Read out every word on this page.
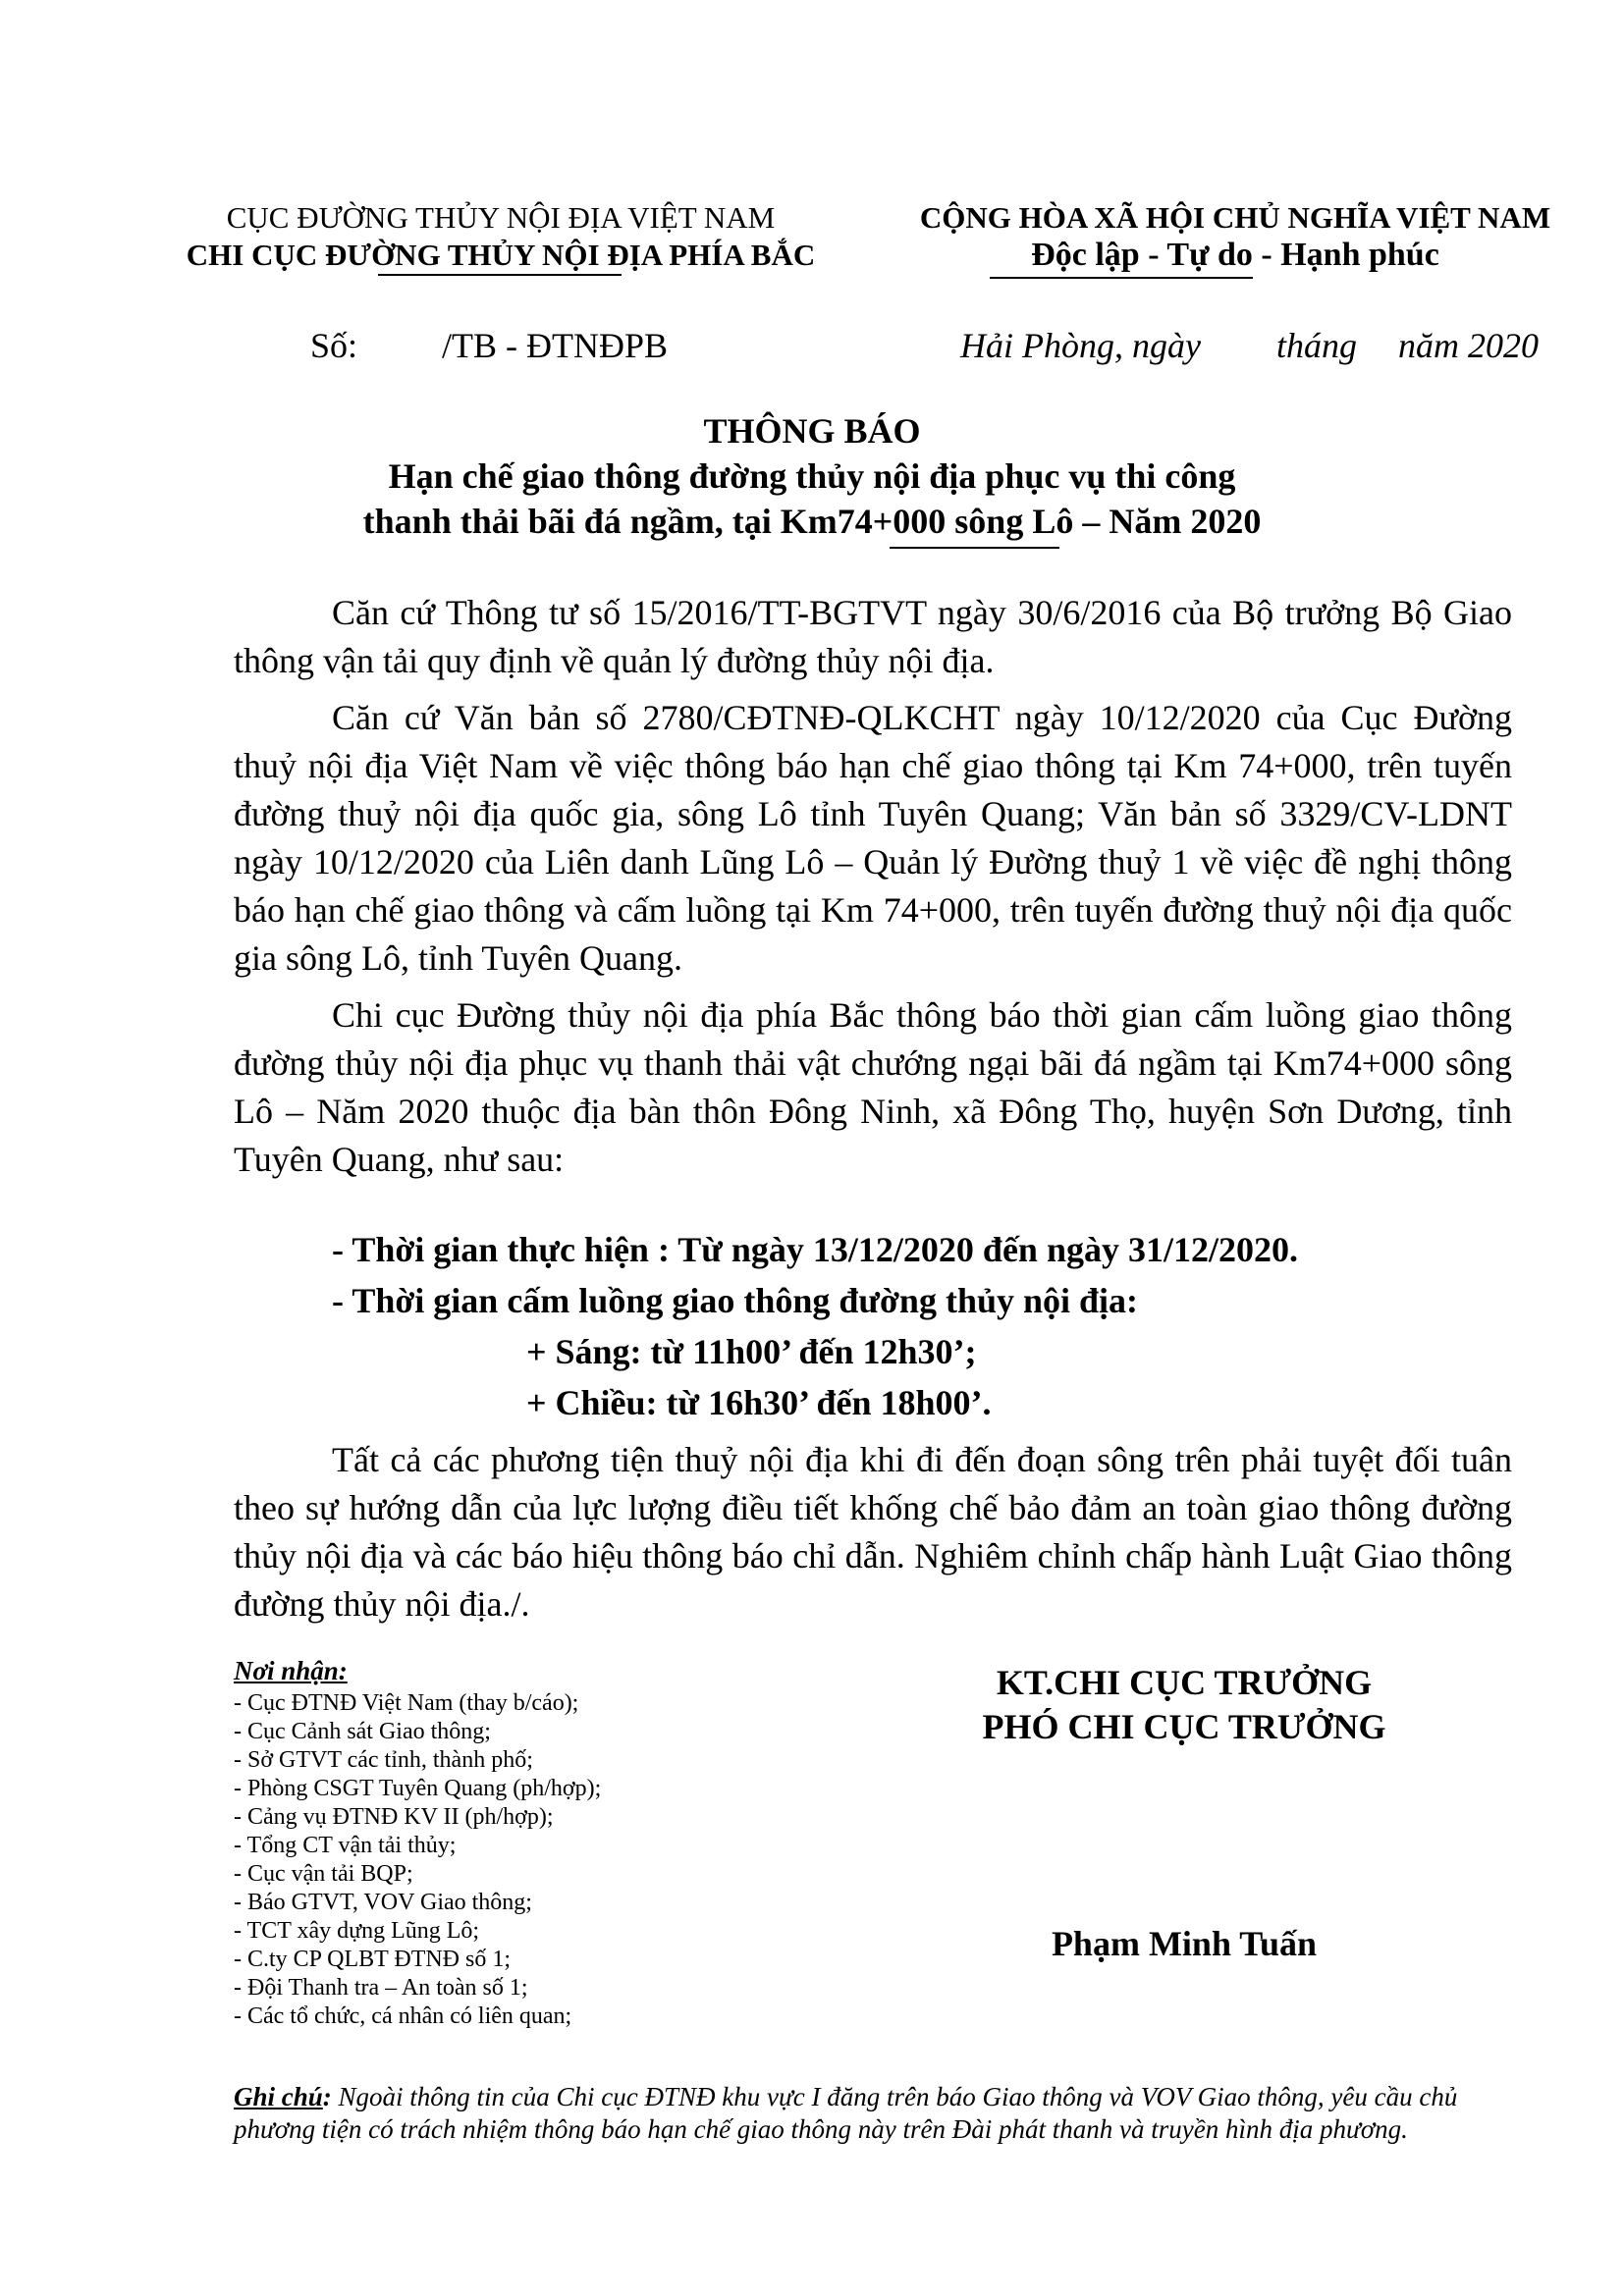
CỤC ĐƯỜNG THỦY NỘI ĐỊA VIỆT NAM
CHI CỤC ĐƯỜNG THỦY NỘI ĐỊA PHÍA BẮC
CỘNG HÒA XÃ HỘI CHỦ NGHĨA VIỆT NAM
Độc lập - Tự do - Hạnh phúc
Số: /TB - ĐTNĐPB	Hải Phòng, ngày tháng năm 2020
THÔNG BÁO
Hạn chế giao thông đường thủy nội địa phục vụ thi công
thanh thải bãi đá ngầm, tại Km74+000 sông Lô – Năm 2020

Căn cứ Thông tư số 15/2016/TT-BGTVT ngày 30/6/2016 của Bộ trưởng Bộ Giao thông vận tải quy định về quản lý đường thủy nội địa.

Căn cứ Văn bản số 2780/CĐTNĐ-QLKCHT ngày 10/12/2020 của Cục Đường thuỷ nội địa Việt Nam về việc thông báo hạn chế giao thông tại Km 74+000, trên tuyến đường thuỷ nội địa quốc gia, sông Lô tỉnh Tuyên Quang; Văn bản số 3329/CV-LDNT ngày 10/12/2020 của Liên danh Lũng Lô – Quản lý Đường thuỷ 1 về việc đề nghị thông báo hạn chế giao thông và cấm luồng tại Km 74+000, trên tuyến đường thuỷ nội địa quốc gia sông Lô, tỉnh Tuyên Quang.

Chi cục Đường thủy nội địa phía Bắc thông báo thời gian cấm luồng giao thông đường thủy nội địa phục vụ thanh thải vật chướng ngại bãi đá ngầm tại Km74+000 sông Lô – Năm 2020 thuộc địa bàn thôn Đông Ninh, xã Đông Thọ, huyện Sơn Dương, tỉnh Tuyên Quang, như sau:

- Thời gian thực hiện : Từ ngày 13/12/2020 đến ngày 31/12/2020.
- Thời gian cấm luồng giao thông đường thủy nội địa:
+ Sáng: từ 11h00’ đến 12h30’;
+ Chiều: từ 16h30’ đến 18h00’.

Tất cả các phương tiện thuỷ nội địa khi đi đến đoạn sông trên phải tuyệt đối tuân theo sự hướng dẫn của lực lượng điều tiết khống chế bảo đảm an toàn giao thông đường thủy nội địa và các báo hiệu thông báo chỉ dẫn. Nghiêm chỉnh chấp hành Luật Giao thông đường thủy nội địa./.

Nơi nhận:
- Cục ĐTNĐ Việt Nam (thay b/cáo);
- Cục Cảnh sát Giao thông;
- Sở GTVT các tỉnh, thành phố;
- Phòng CSGT Tuyên Quang (ph/hợp);
- Cảng vụ ĐTNĐ KV II (ph/hợp);
- Tổng CT vận tải thủy;
- Cục vận tải BQP;
- Báo GTVT, VOV Giao thông;
- TCT xây dựng Lũng Lô;
- C.ty CP QLBT ĐTNĐ số 1;
- Đội Thanh tra – An toàn số 1;
- Các tổ chức, cá nhân có liên quan;
KT.CHI CỤC TRƯỞNG
PHÓ CHI CỤC TRƯỞNG
Phạm Minh Tuấn
Ghi chú: Ngoài thông tin của Chi cục ĐTNĐ khu vực I đăng trên báo Giao thông và VOV Giao thông, yêu cầu chủ phương tiện có trách nhiệm thông báo hạn chế giao thông này trên Đài phát thanh và truyền hình địa phương.
